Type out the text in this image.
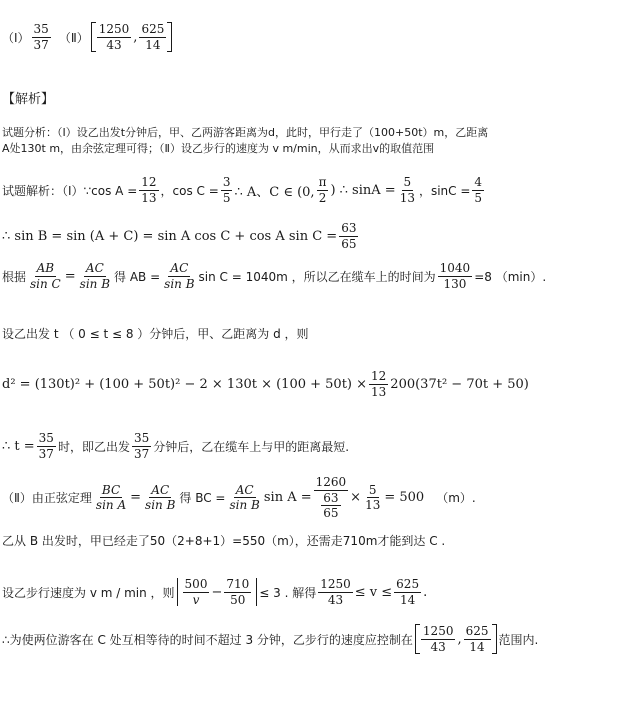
（Ⅰ） $\frac{35}{37}$ （Ⅱ） $\frac{1250}{43}$ , $\frac{625}{14}$
【解析】
试题分析：（Ⅰ）设乙出发t分钟后，甲、乙两游客距离为d，此时，甲行走了（100+50t）m，乙距离
A处130t m，由余弦定理可得；（Ⅱ）设乙步行的速度为 v m/min，从而求出v的取值范围
试题解析：（Ⅰ）∵cos $A = \frac{12}{13}$ ，$\cos C = \frac{3}{5}$ ∴ A、C ∈ (0, $\frac{\pi}{2}$ ) ∴ $\sin A = \frac{5}{13}$ ，$\sin C = \frac{4}{5}$
∴ sin B = sin (A + C) = sin A cos C + cos A $\sin C = \frac{63}{65}$
根据 $\frac{AB}{\text{sin C}} = \frac{AC}{\text{sin B}}$ 得 AB = $\frac{AC}{\text{sin B}}$ sin C = 1040m ，所以乙在缆车上的时间为 $\frac{1040}{130} =8$ （min）.
设乙出发 t （ 0 ≤ t ≤ 8 ）分钟后，甲、乙距离为 d ，则
$d^2 = (130t)^2 + (100 + 50t)^2 - 2 \times 130t \times (100 + 50t) \times \frac{12}{13} 200(37t^2 - 70t + 50)$
∴ $t = \frac{35}{37}$ 时，即乙出发 $\frac{35}{37}$ 分钟后，乙在缆车上与甲的距离最短.
（Ⅱ）由正弦定理 $\frac{BC}{\text{sin A}} = \frac{AC}{\text{sin B}}$ 得 BC = $\frac{AC}{\text{sin B}}$ $\sin A = \frac{1260}{\frac{63}{65}} \times \frac{5}{13} = 500$ （m）.
乙从 B 出发时，甲已经走了50（2+8+1）=550（m），还需走710m才能到达 C .
设乙步行速度为 v m / min ，则 $\frac{500}{v} - \frac{710}{50} \le 3$ . 解得 $\frac{1250}{43} \le v \le \frac{625}{14}$ .
∴为使两位游客在 C 处互相等待的时间不超过 3 分钟，乙步行的速度应控制在 $\frac{1250}{43}$ , $\frac{625}{14}$ 范围内.
